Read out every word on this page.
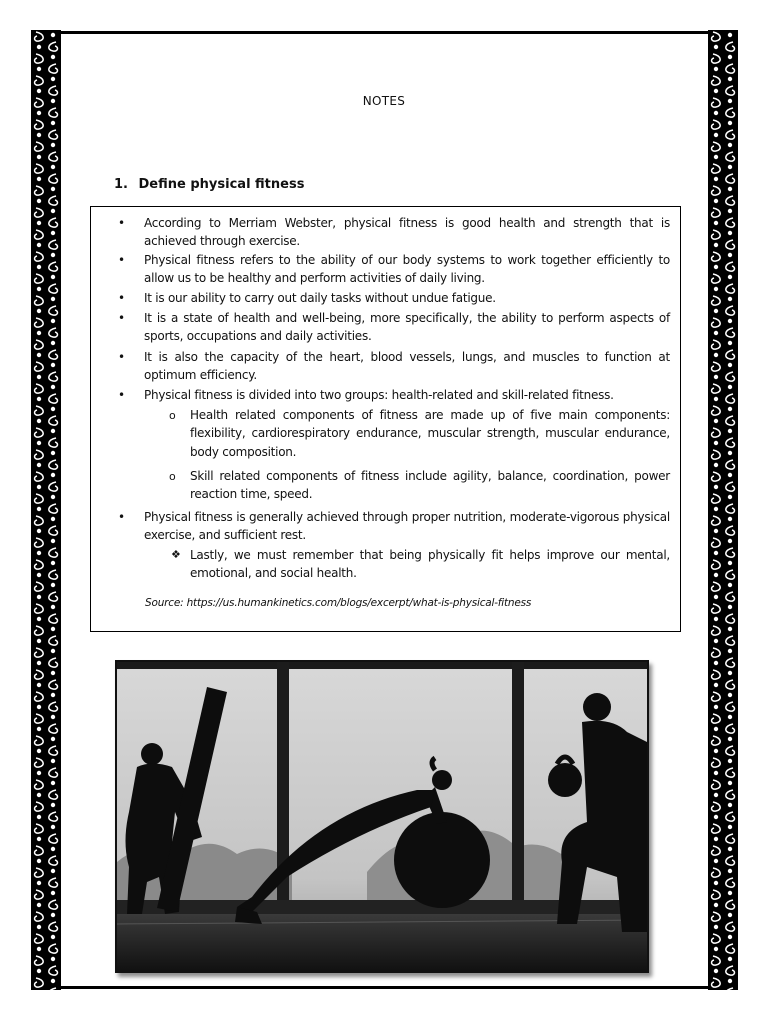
NOTES
1. Define physical fitness
• According to Merriam Webster, physical fitness is good health and strength that is achieved through exercise.
• Physical fitness refers to the ability of our body systems to work together efficiently to allow us to be healthy and perform activities of daily living.
• It is our ability to carry out daily tasks without undue fatigue.
• It is a state of health and well-being, more specifically, the ability to perform aspects of sports, occupations and daily activities.
• It is also the capacity of the heart, blood vessels, lungs, and muscles to function at optimum efficiency.
• Physical fitness is divided into two groups: health-related and skill-related fitness.
o Health related components of fitness are made up of five main components: flexibility, cardiorespiratory endurance, muscular strength, muscular endurance, body composition.
o Skill related components of fitness include agility, balance, coordination, power reaction time, speed.
• Physical fitness is generally achieved through proper nutrition, moderate-vigorous physical exercise, and sufficient rest.
❖ Lastly, we must remember that being physically fit helps improve our mental, emotional, and social health.
Source: https://us.humankinetics.com/blogs/excerpt/what-is-physical-fitness
